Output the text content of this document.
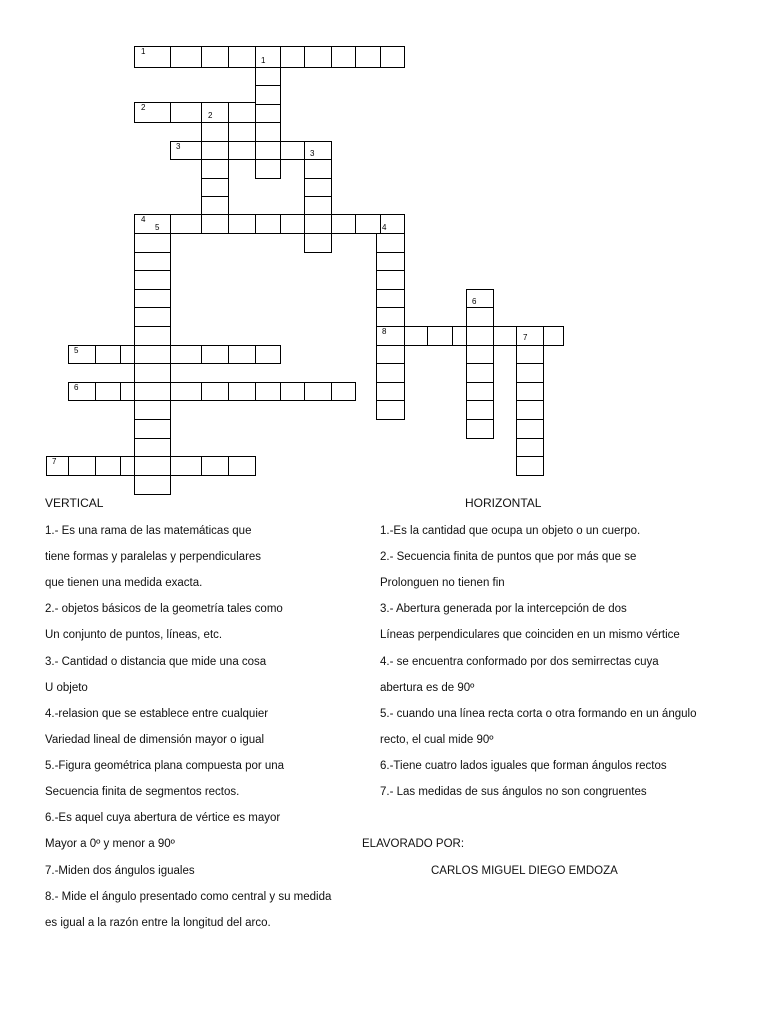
1
1
2
2
3
3
4
5	4
6
8
7
5
6
7
VERTICAL	HORIZONTAL
1.- Es una rama de las matemáticas que
tiene formas y paralelas y perpendiculares
que tienen una medida exacta.
2.- objetos básicos de la geometría tales como
Un conjunto de puntos, líneas, etc.
3.- Cantidad o distancia que mide una cosa
U objeto
4.-relasion que se establece entre cualquier
Variedad lineal de dimensión mayor o igual
5.-Figura geométrica plana compuesta por una
Secuencia finita de segmentos rectos.
6.-Es aquel cuya abertura de vértice es mayor
Mayor a 0º y menor a 90º
7.-Miden dos ángulos iguales
8.- Mide el ángulo presentado como central y su medida
es igual a la razón entre la longitud del arco.
1.-Es la cantidad que ocupa un objeto o un cuerpo.
2.- Secuencia finita de puntos que por más que se
Prolonguen no tienen fin
3.- Abertura generada por la intercepción de dos
Líneas perpendiculares que coinciden en un mismo vértice
4.- se encuentra conformado por dos semirrectas cuya
abertura es de 90º
5.- cuando una línea recta corta o otra formando en un ángulo
recto, el cual mide 90º
6.-Tiene cuatro lados iguales que forman ángulos rectos
7.- Las medidas de sus ángulos no son congruentes
ELAVORADO POR:
CARLOS MIGUEL DIEGO EMDOZA
